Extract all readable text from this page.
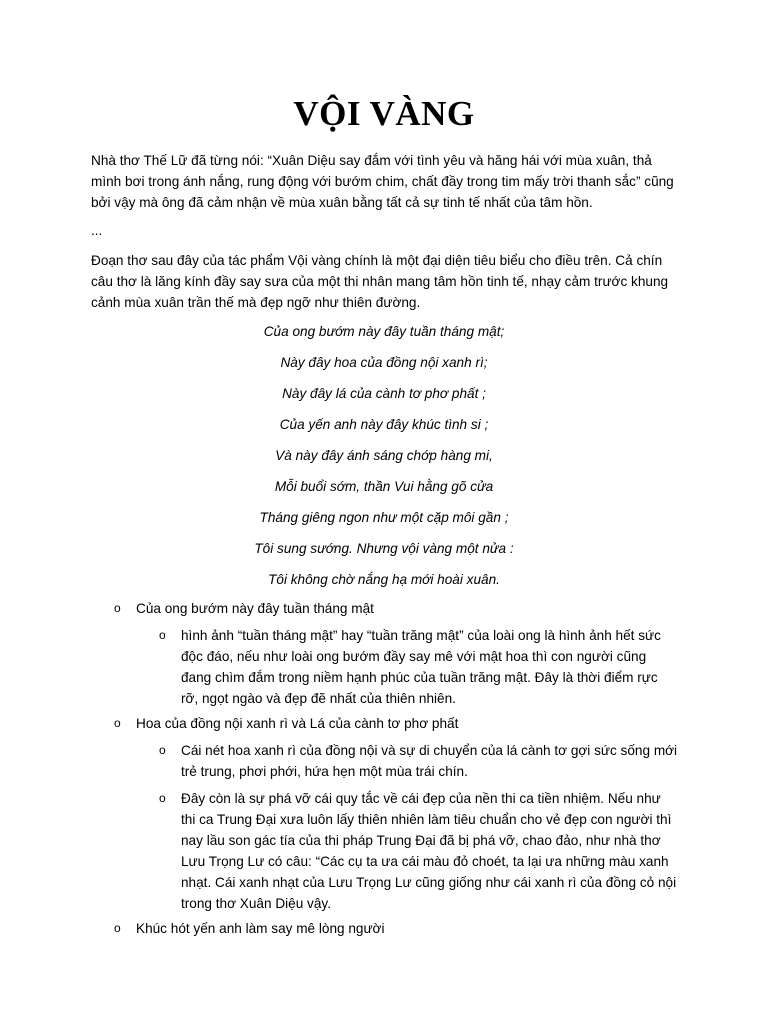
VỘI VÀNG

Nhà thơ Thế Lữ đã từng nói: “Xuân Diệu say đắm với tình yêu và hăng hái với mùa xuân, thả mình bơi trong ánh nắng, rung động với bướm chim, chất đầy trong tim mấy trời thanh sắc” cũng bởi vậy mà ông đã cảm nhận về mùa xuân bằng tất cả sự tinh tế nhất của tâm hồn.

...

Đoạn thơ sau đây của tác phẩm Vội vàng chính là một đại diện tiêu biểu cho điều trên. Cả chín câu thơ là lăng kính đầy say sưa của một thi nhân mang tâm hồn tinh tế, nhạy cảm trước khung cảnh mùa xuân trần thế mà đẹp ngỡ như thiên đường.

Của ong bướm này đây tuần tháng mật;
Này đây hoa của đồng nội xanh rì;
Này đây lá của cành tơ phơ phất ;
Của yến anh này đây khúc tình si ;
Và này đây ánh sáng chớp hàng mi,
Mỗi buổi sớm, thần Vui hằng gõ cửa
Tháng giêng ngon như một cặp môi gần ;
Tôi sung sướng. Nhưng vội vàng một nửa :
Tôi không chờ nắng hạ mới hoài xuân.
o Của ong bướm này đây tuần tháng mật
o hình ảnh “tuần tháng mật” hay “tuần trăng mật” của loài ong là hình ảnh hết sức độc đáo, nếu như loài ong bướm đầy say mê với mật hoa thì con người cũng đang chìm đắm trong niềm hạnh phúc của tuần trăng mật. Đây là thời điểm rực rỡ, ngọt ngào và đẹp đẽ nhất của thiên nhiên.
o Hoa của đồng nội xanh rì và Lá của cành tơ phơ phất
o Cái nét hoa xanh rì của đồng nội và sự di chuyển của lá cành tơ gợi sức sống mới trẻ trung, phơi phới, hứa hẹn một mùa trái chín.
o Đây còn là sự phá vỡ cái quy tắc về cái đẹp của nền thi ca tiền nhiệm. Nếu như thi ca Trung Đại xưa luôn lấy thiên nhiên làm tiêu chuẩn cho vẻ đẹp con người thì nay lầu son gác tía của thi pháp Trung Đại đã bị phá vỡ, chao đảo, như nhà thơ Lưu Trọng Lư có câu: “Các cụ ta ưa cái màu đỏ choét, ta lại ưa những màu xanh nhạt. Cái xanh nhạt của Lưu Trọng Lư cũng giống như cái xanh rì của đồng cỏ nội trong thơ Xuân Diệu vậy.
o Khúc hót yến anh làm say mê lòng người
